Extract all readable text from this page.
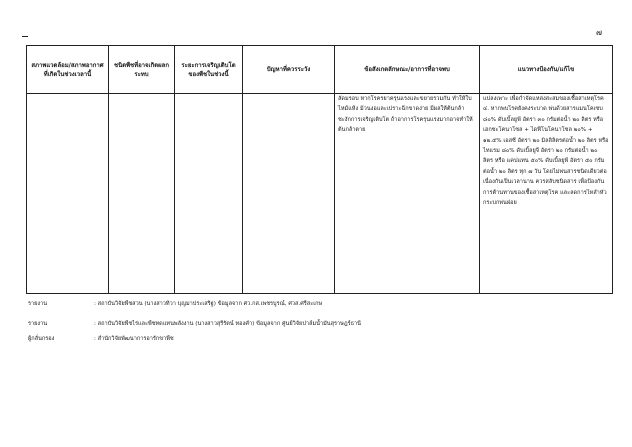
๗
สภาพแวดล้อม/สภาพอากาศที่เกิดในช่วงเวลานี้	ชนิดพืชที่อาจเกิดผลกระทบ	ระยะการเจริญเติบโตของพืชในช่วงนี้	ปัญหาที่ควรระวัง	ข้อสังเกตลักษณะ/อาการที่อาจพบ	แนวทางป้องกัน/แก้ไข
				ลัดมรอบ หากโรครยาครุนแรงและขยายรวมกัน ทำให้ใบไหม้แห้ง ม้วนงอและเปราะฉีกขาดง่าย มีผลให้ต้นกล้าชะงักการเจริญเติบโต ถ้าอาการโรครุนแรงมากอาจทำให้ต้นกล้าตาย	แปลงเพาะ เพื่อกำจัดแหล่งสะสมของเชื้อสาเหตุโรค ๔. หากพบโรคยังคงระบาด พ่นด้วยสารแมนโคเซบ ๘๐% ดับเบิ้ลยูพี อัตรา ๓๐ กรัมต่อน้ำ ๒๐ ลิตร หรือ เฮกซะโคนาโซล + ไดฟีโนโคนาโซล ๒๐% + ๑๒.๕% เอสซี อัตรา ๒๐ มิลลิลิตรต่อน้ำ ๒๐ ลิตร หรือ ไทแรม ๘๐% ดับเบิ้ลยูจี อัตรา ๒๐ กรัมต่อน้ำ ๒๐ ลิตร หรือ แคปแทน ๕๐% ดับเบิ้ลยูพี อัตรา ๕๐ กรัมต่อน้ำ ๒๐ ลิตร ทุก ๗ วัน โดยไม่พ่นสารชนิดเดียวต่อเนื่องกันเป็นเวลานาน ควรสลับชนิดสาร เพื่อป้องกันการต้านทานของเชื้อสาเหตุโรค และลดการไหลำหัวกระบกพ่นฝอย
รายงาน	: สถาบันวิจัยพืชสวน (นางสาวทิวา บุญมาประเสริฐ) ข้อมูลจาก ศว.กส.เพชรบูรณ์, ศวส.ศรีสะเกษ
รายงาน	: สถาบันวิจัยพืชไร่และพืชทดแทนพลังงาน (นางสาวสุรีรัตน์ ทองคำ) ข้อมูลจาก ศูนย์วิจัยปาล์มน้ำมันสุราษฎร์ธานี
ผู้กลั่นกรอง	: สำนักวิจัยพัฒนาการอารักขาพืช
